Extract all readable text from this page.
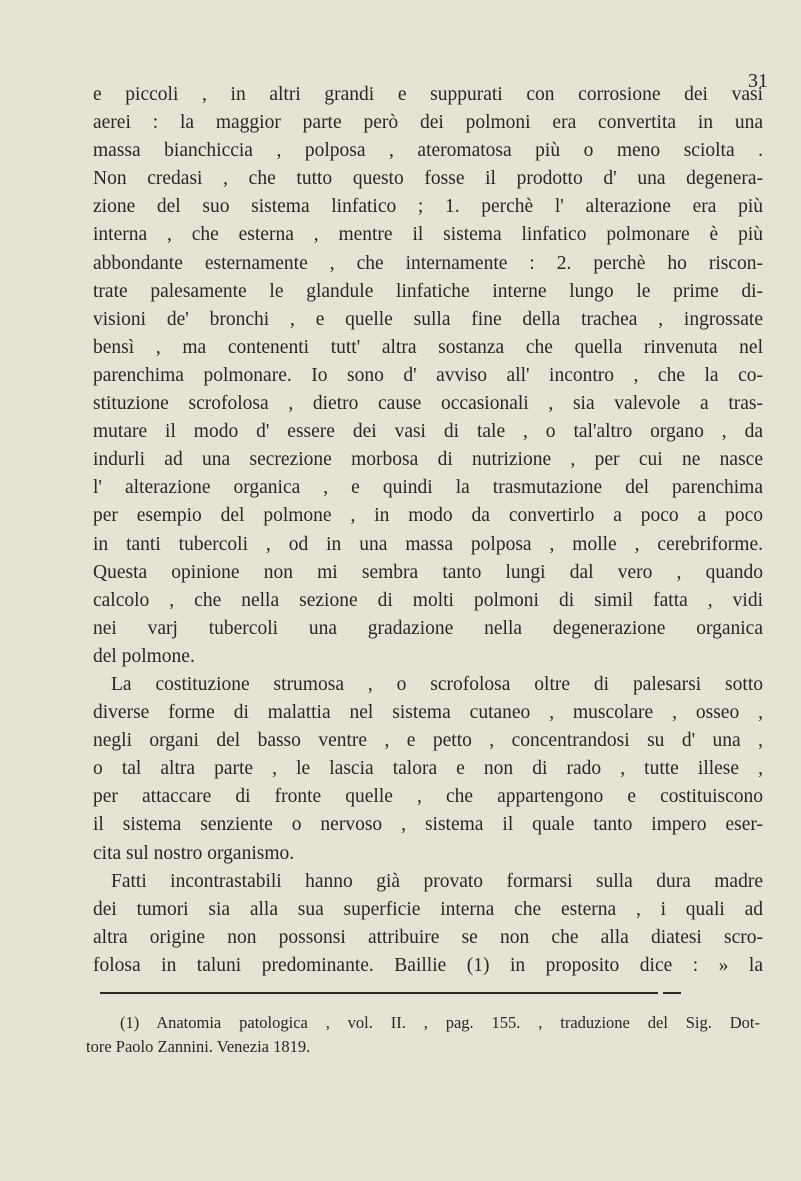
31
e piccoli , in altri grandi e suppurati con corrosione dei vasi
aerei : la maggior parte però dei polmoni era convertita in una
massa bianchiccia , polposa , ateromatosa più o meno sciolta .
Non credasi , che tutto questo fosse il prodotto d' una degenera-
zione del suo sistema linfatico ; 1. perchè l' alterazione era più
interna , che esterna , mentre il sistema linfatico polmonare è più
abbondante esternamente , che internamente : 2. perchè ho riscon-
trate palesamente le glandule linfatiche interne lungo le prime di-
visioni de' bronchi , e quelle sulla fine della trachea , ingrossate
bensì , ma contenenti tutt' altra sostanza che quella rinvenuta nel
parenchima polmonare. Io sono d' avviso all' incontro , che la co-
stituzione scrofolosa , dietro cause occasionali , sia valevole a tras-
mutare il modo d' essere dei vasi di tale , o tal'altro organo , da
indurli ad una secrezione morbosa di nutrizione , per cui ne nasce
l' alterazione organica , e quindi la trasmutazione del parenchima
per esempio del polmone , in modo da convertirlo a poco a poco
in tanti tubercoli , od in una massa polposa , molle , cerebriforme.
Questa opinione non mi sembra tanto lungi dal vero , quando
calcolo , che nella sezione di molti polmoni di simil fatta , vidi
nei varj tubercoli una gradazione nella degenerazione organica
del polmone.
La costituzione strumosa , o scrofolosa oltre di palesarsi sotto
diverse forme di malattia nel sistema cutaneo , muscolare , osseo ,
negli organi del basso ventre , e petto , concentrandosi su d' una ,
o tal altra parte , le lascia talora e non di rado , tutte illese ,
per attaccare di fronte quelle , che appartengono e costituiscono
il sistema senziente o nervoso , sistema il quale tanto impero eser-
cita sul nostro organismo.
Fatti incontrastabili hanno già provato formarsi sulla dura madre
dei tumori sia alla sua superficie interna che esterna , i quali ad
altra origine non possonsi attribuire se non che alla diatesi scro-
folosa in taluni predominante. Baillie (1) in proposito dice : » la
(1) Anatomia patologica , vol. II. , pag. 155. , traduzione del Sig. Dot-
tore Paolo Zannini. Venezia 1819.
